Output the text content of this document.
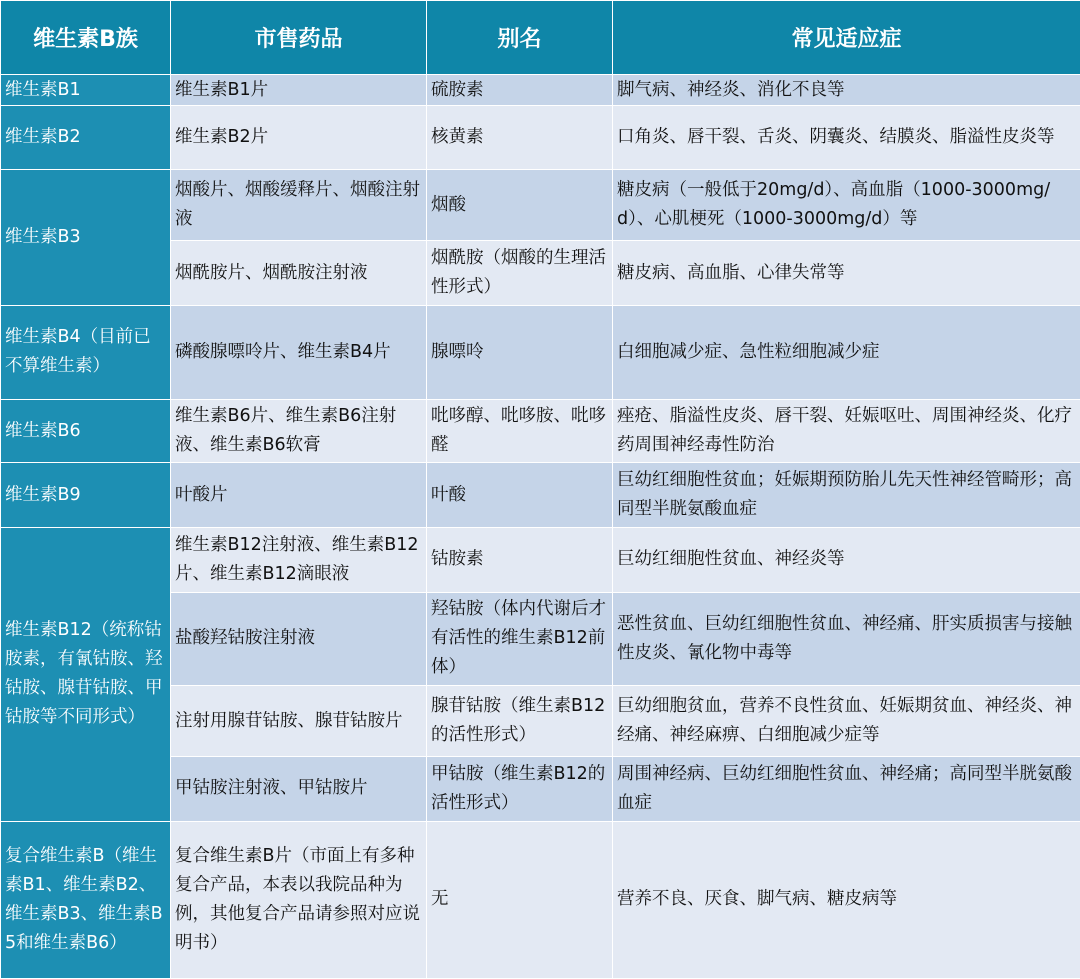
维生素B族	市售药品	别名	常见适应症
维生素B1	维生素B1片	硫胺素	脚气病、神经炎、消化不良等
维生素B2	维生素B2片	核黄素	口角炎、唇干裂、舌炎、阴囊炎、结膜炎、脂溢性皮炎等
维生素B3	烟酸片、烟酸缓释片、烟酸注射液	烟酸	糖皮病（一般低于20mg/d）、高血脂（1000-3000mg/d）、心肌梗死（1000-3000mg/d）等
	烟酰胺片、烟酰胺注射液	烟酰胺（烟酸的生理活性形式）	糖皮病、高血脂、心律失常等
维生素B4（目前已不算维生素）	磷酸腺嘌呤片、维生素B4片	腺嘌呤	白细胞减少症、急性粒细胞减少症
维生素B6	维生素B6片、维生素B6注射液、维生素B6软膏	吡哆醇、吡哆胺、吡哆醛	痤疮、脂溢性皮炎、唇干裂、妊娠呕吐、周围神经炎、化疗药周围神经毒性防治
维生素B9	叶酸片	叶酸	巨幼红细胞性贫血；妊娠期预防胎儿先天性神经管畸形；高同型半胱氨酸血症
维生素B12（统称钴胺素，有氰钴胺、羟钴胺、腺苷钴胺、甲钴胺等不同形式）	维生素B12注射液、维生素B12片、维生素B12滴眼液	钴胺素	巨幼红细胞性贫血、神经炎等
	盐酸羟钴胺注射液	羟钴胺（体内代谢后才有活性的维生素B12前体）	恶性贫血、巨幼红细胞性贫血、神经痛、肝实质损害与接触性皮炎、氰化物中毒等
	注射用腺苷钴胺、腺苷钴胺片	腺苷钴胺（维生素B12的活性形式）	巨幼细胞贫血，营养不良性贫血、妊娠期贫血、神经炎、神经痛、神经麻痹、白细胞减少症等
	甲钴胺注射液、甲钴胺片	甲钴胺（维生素B12的活性形式）	周围神经病、巨幼红细胞性贫血、神经痛；高同型半胱氨酸血症
复合维生素B（维生素B1、维生素B2、维生素B3、维生素B5和维生素B6）	复合维生素B片（市面上有多种复合产品，本表以我院品种为例，其他复合产品请参照对应说明书）	无	营养不良、厌食、脚气病、糖皮病等
